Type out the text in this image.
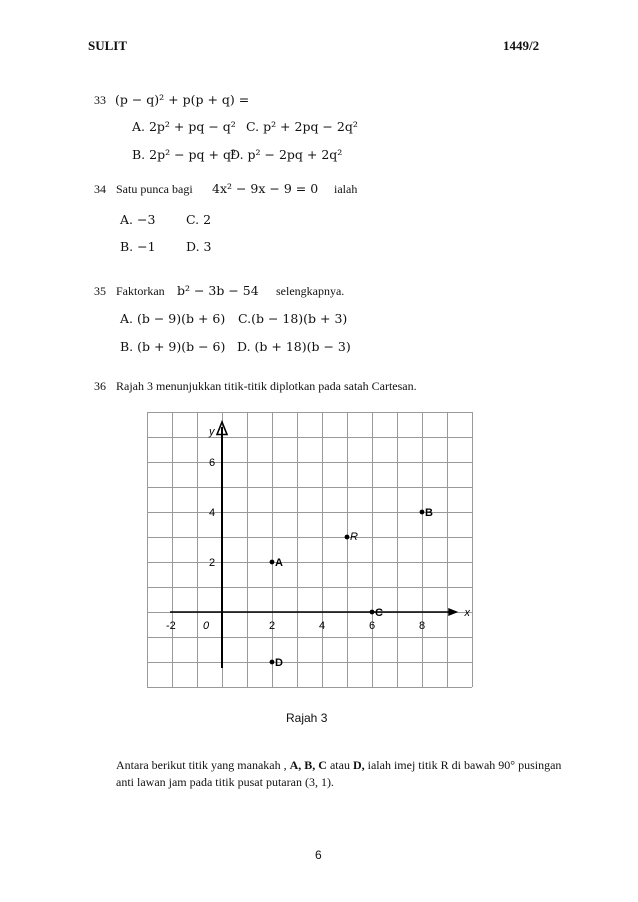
SULIT	1449/2
33 (p − q)² + p(p + q) =
A. 2p² + pq − q² C. p² + 2pq − 2q²
B. 2p² − pq + q²
D. p² − 2pq + 2q²
34 Satu punca bagi 4x² − 9x − 9 = 0 ialah
A. −3 C. 2
B. −1 D. 3
35 Faktorkan b² − 3b − 54 selengkapnya.
A. (b − 9)(b + 6) C.(b − 18)(b + 3)
B. (b + 9)(b − 6) D. (b + 18)(b − 3)
36 Rajah 3 menunjukkan titik-titik diplotkan pada satah Cartesan.
x
y
-2 0	2	4	6	8
2
4
6
A
B
R
C
D
Rajah 3
Antara berikut titik yang manakah , A, B, C atau D, ialah imej titik R di bawah 90° pusingan
anti lawan jam pada titik pusat putaran (3, 1).
6
